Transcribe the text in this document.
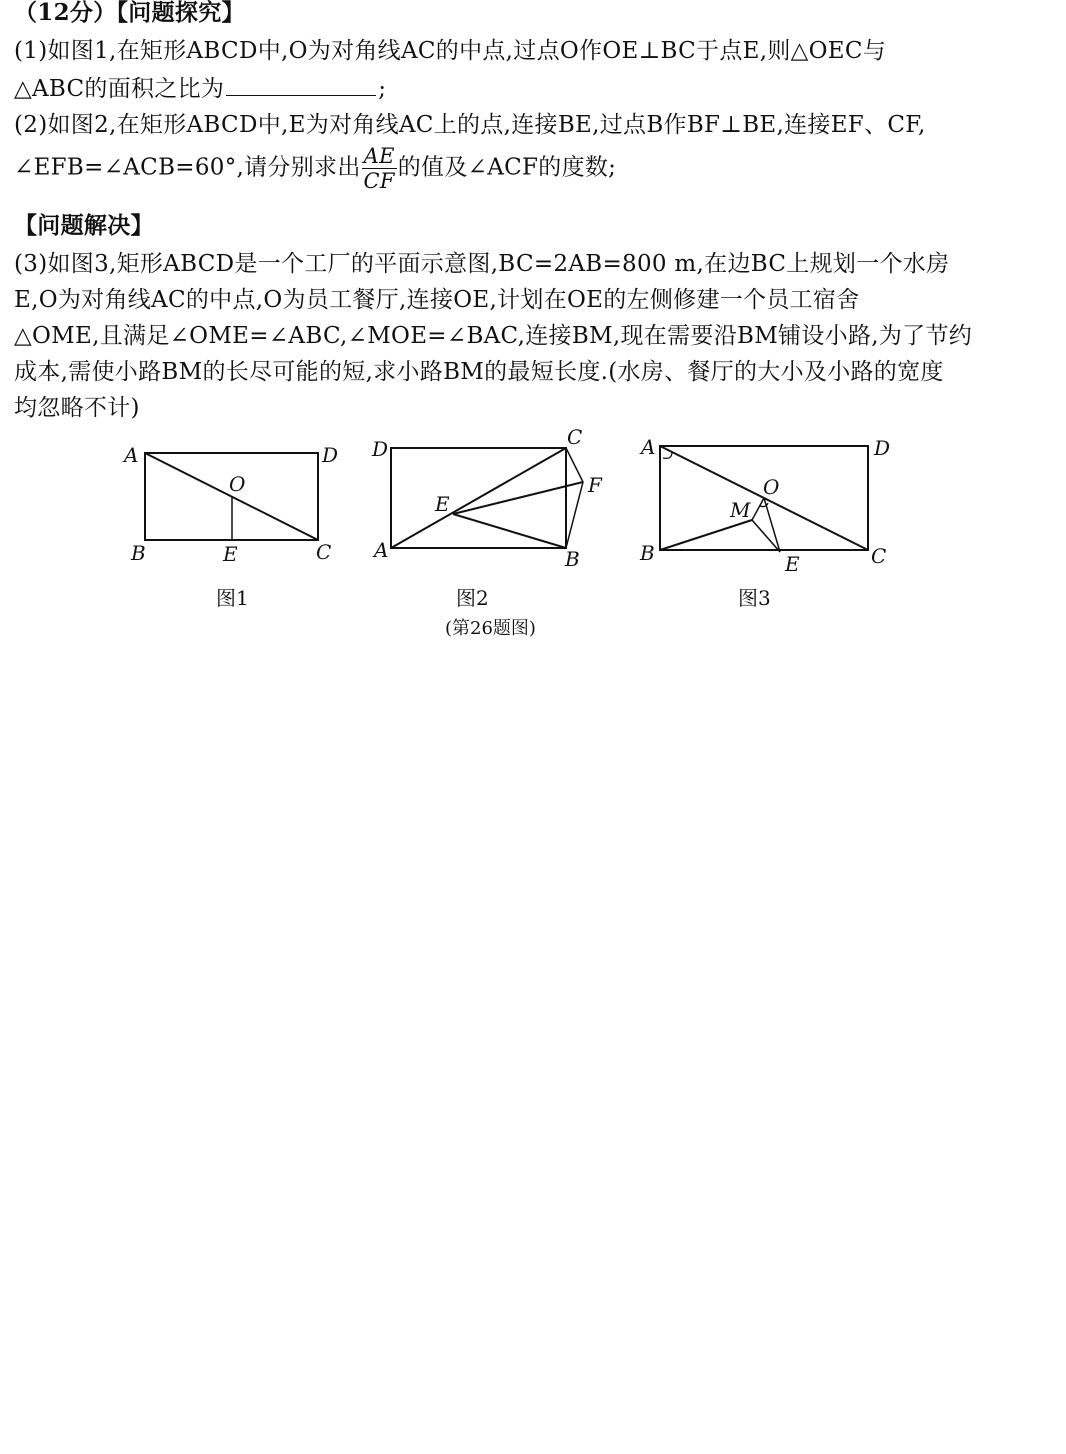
（12分）【问题探究】
(1)如图1,在矩形ABCD中,O为对角线AC的中点,过点O作OE⊥BC于点E,则△OEC与
△ABC的面积之比为	;
(2)如图2,在矩形ABCD中,E为对角线AC上的点,连接BE,过点B作BF⊥BE,连接EF、CF,
∠EFB=∠ACB=60°,请分别求出 $\frac{AE}{CF}$ 的值及∠ACF的度数;
【问题解决】
(3)如图3,矩形ABCD是一个工厂的平面示意图,BC=2AB=800 m,在边BC上规划一个水房
E,O为对角线AC的中点,O为员工餐厅,连接OE,计划在OE的左侧修建一个员工宿舍
△OME,且满足∠OME=∠ABC,∠MOE=∠BAC,连接BM,现在需要沿BM铺设小路,为了节约
成本,需使小路BM的长尽可能的短,求小路BM的最短长度.(水房、餐厅的大小及小路的宽度
均忽略不计)
A	D
O
B	E	C
D	C
F
E
A	B
A	D
O
M
B	E	C
图1	图2	图3
(第26题图)
